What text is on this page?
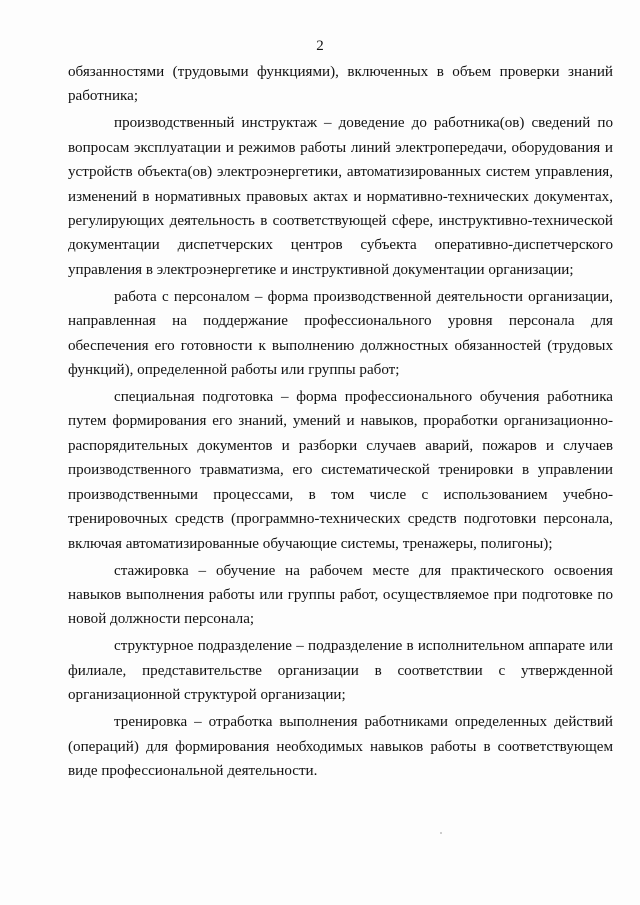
2

обязанностями (трудовыми функциями), включенных в объем проверки знаний работника;

производственный инструктаж – доведение до работника(ов) сведений по вопросам эксплуатации и режимов работы линий электропередачи, оборудования и устройств объекта(ов) электроэнергетики, автоматизированных систем управления, изменений в нормативных правовых актах и нормативно-технических документах, регулирующих деятельность в соответствующей сфере, инструктивно-технической документации диспетчерских центров субъекта оперативно-диспетчерского управления в электроэнергетике и инструктивной документации организации;

работа с персоналом – форма производственной деятельности организации, направленная на поддержание профессионального уровня персонала для обеспечения его готовности к выполнению должностных обязанностей (трудовых функций), определенной работы или группы работ;

специальная подготовка – форма профессионального обучения работника путем формирования его знаний, умений и навыков, проработки организационно-распорядительных документов и разборки случаев аварий, пожаров и случаев производственного травматизма, его систематической тренировки в управлении производственными процессами, в том числе с использованием учебно-тренировочных средств (программно-технических средств подготовки персонала, включая автоматизированные обучающие системы, тренажеры, полигоны);

стажировка – обучение на рабочем месте для практического освоения навыков выполнения работы или группы работ, осуществляемое при подготовке по новой должности персонала;

структурное подразделение – подразделение в исполнительном аппарате или филиале, представительстве организации в соответствии с утвержденной организационной структурой организации;

тренировка – отработка выполнения работниками определенных действий (операций) для формирования необходимых навыков работы в соответствующем виде профессиональной деятельности.
